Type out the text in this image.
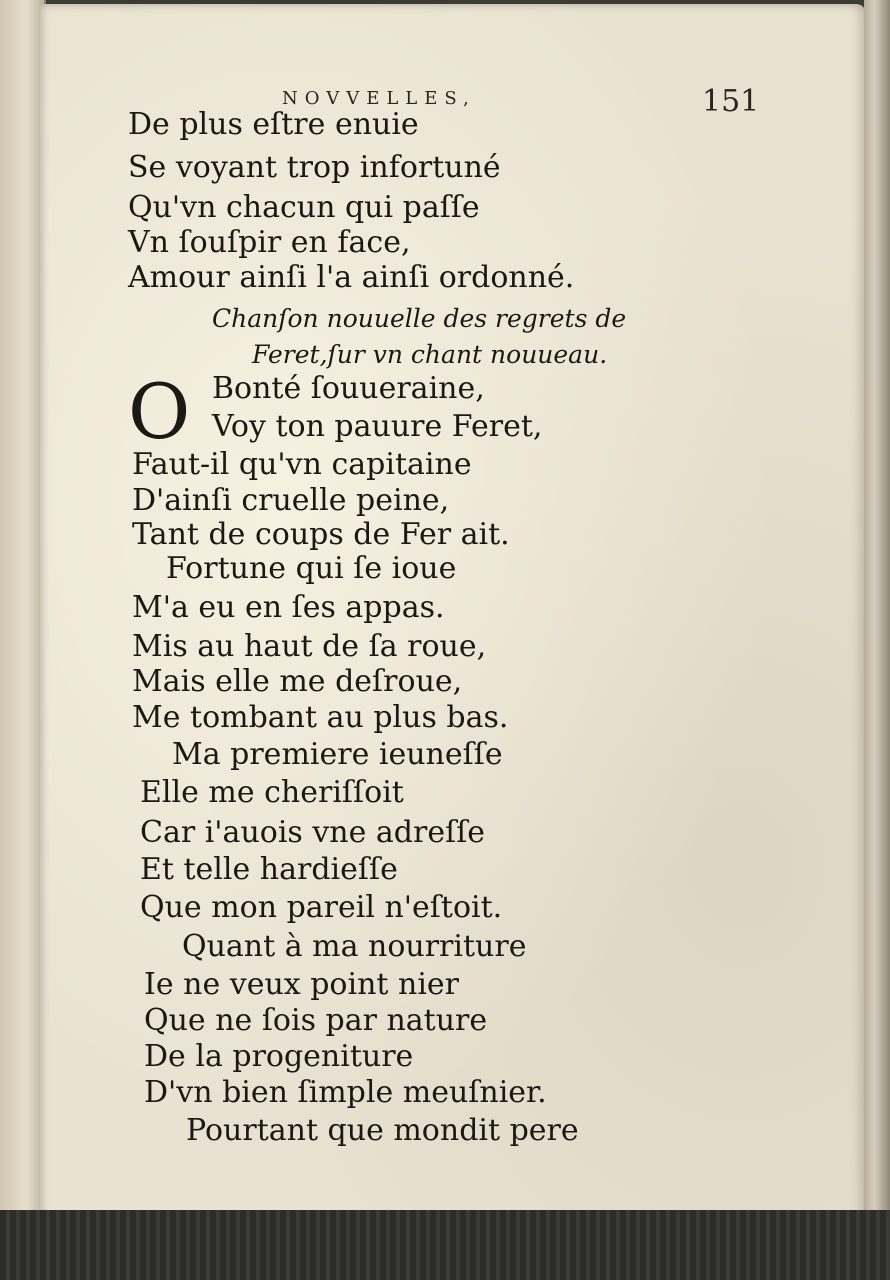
NOVVELLES,	151
De plus eſtre enuie
Se voyant trop infortuné
Qu'vn chacun qui paſſe
Vn ſouſpir en face,
Amour ainſi l'a ainſi ordonné.
Chanſon nouuelle des regrets de
Feret,ſur vn chant nouueau.
O Bonté ſouueraine,
Voy ton pauure Feret,
Faut-il qu'vn capitaine
D'ainſi cruelle peine,
Tant de coups de Fer ait.
Fortune qui ſe ioue
M'a eu en ſes appas.
Mis au haut de ſa roue,
Mais elle me deſroue,
Me tombant au plus bas.
Ma premiere ieuneſſe
Elle me cheriſſoit
Car i'auois vne adreſſe
Et telle hardieſſe
Que mon pareil n'eſtoit.
Quant à ma nourriture
Ie ne veux point nier
Que ne ſois par nature
De la progeniture
D'vn bien ſimple meuſnier.
Pourtant que mondit pere
